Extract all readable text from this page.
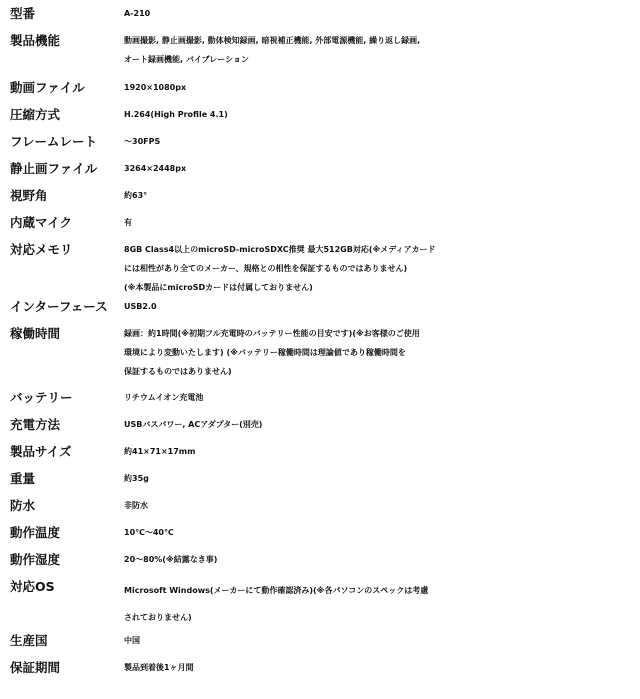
型番	A-210
製品機能	動画撮影, 静止画撮影, 動体検知録画, 暗視補正機能, 外部電源機能, 繰り返し録画,
オート録画機能, バイブレーション
動画ファイル	1920×1080px
圧縮方式	H.264(High Profile 4.1)
フレームレート	～30FPS
静止画ファイル	3264×2448px
視野角	約63°
内蔵マイク	有
対応メモリ	8GB Class4以上のmicroSD-microSDXC推奨 最大512GB対応(※メディアカード
には相性があり全てのメーカー、規格との相性を保証するものではありません)
(※本製品にmicroSDカードは付属しておりません)
インターフェース	USB2.0
稼働時間	録画：約1時間(※初期フル充電時のバッテリー性能の目安です)(※お客様のご使用
環境により変動いたします) (※バッテリー稼働時間は理論値であり稼働時間を
保証するものではありません)
バッテリー	リチウムイオン充電池
充電方法	USBバスパワー, ACアダプター(別売)
製品サイズ	約41×71×17mm
重量	約35g
防水	非防水
動作温度	10℃～40℃
動作湿度	20～80%(※結露なき事)
対応OS	Microsoft Windows(メーカーにて動作確認済み)(※各パソコンのスペックは考慮
されておりません)
生産国	中国
保証期間	製品到着後1ヶ月間
